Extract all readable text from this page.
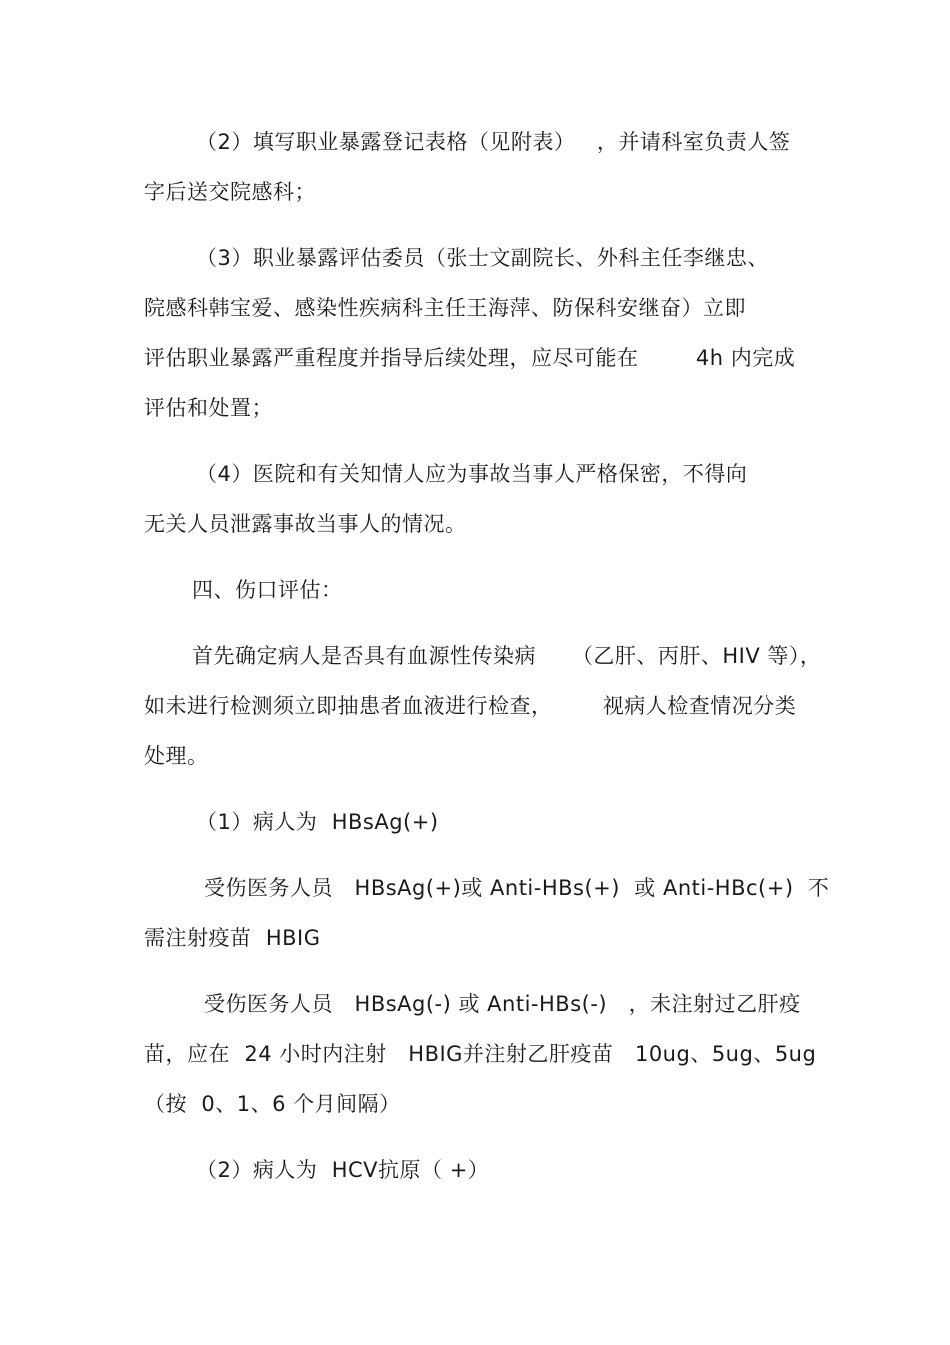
（2）填写职业暴露登记表格（见附表）   ，并请科室负责人签
字后送交院感科；
（3）职业暴露评估委员（张士文副院长、外科主任李继忠、
院感科韩宝爱、感染性疾病科主任王海萍、防保科安继奋）立即
评估职业暴露严重程度并指导后续处理，应尽可能在        4h 内完成
评估和处置；
（4）医院和有关知情人应为事故当事人严格保密，不得向
无关人员泄露事故当事人的情况。
四、伤口评估：
首先确定病人是否具有血源性传染病     （乙肝、丙肝、HIV 等），
如未进行检测须立即抽患者血液进行检查，       视病人检查情况分类
处理。
（1）病人为  HBsAg(+)
受伤医务人员   HBsAg(+)或 Anti-HBs(+)  或 Anti-HBc(+)  不
需注射疫苗  HBIG
受伤医务人员   HBsAg(-) 或 Anti-HBs(-)   ，未注射过乙肝疫
苗，应在  24 小时内注射   HBIG并注射乙肝疫苗   10ug、5ug、5ug
（按  0、1、6 个月间隔）
（2）病人为  HCV抗原（ +）
